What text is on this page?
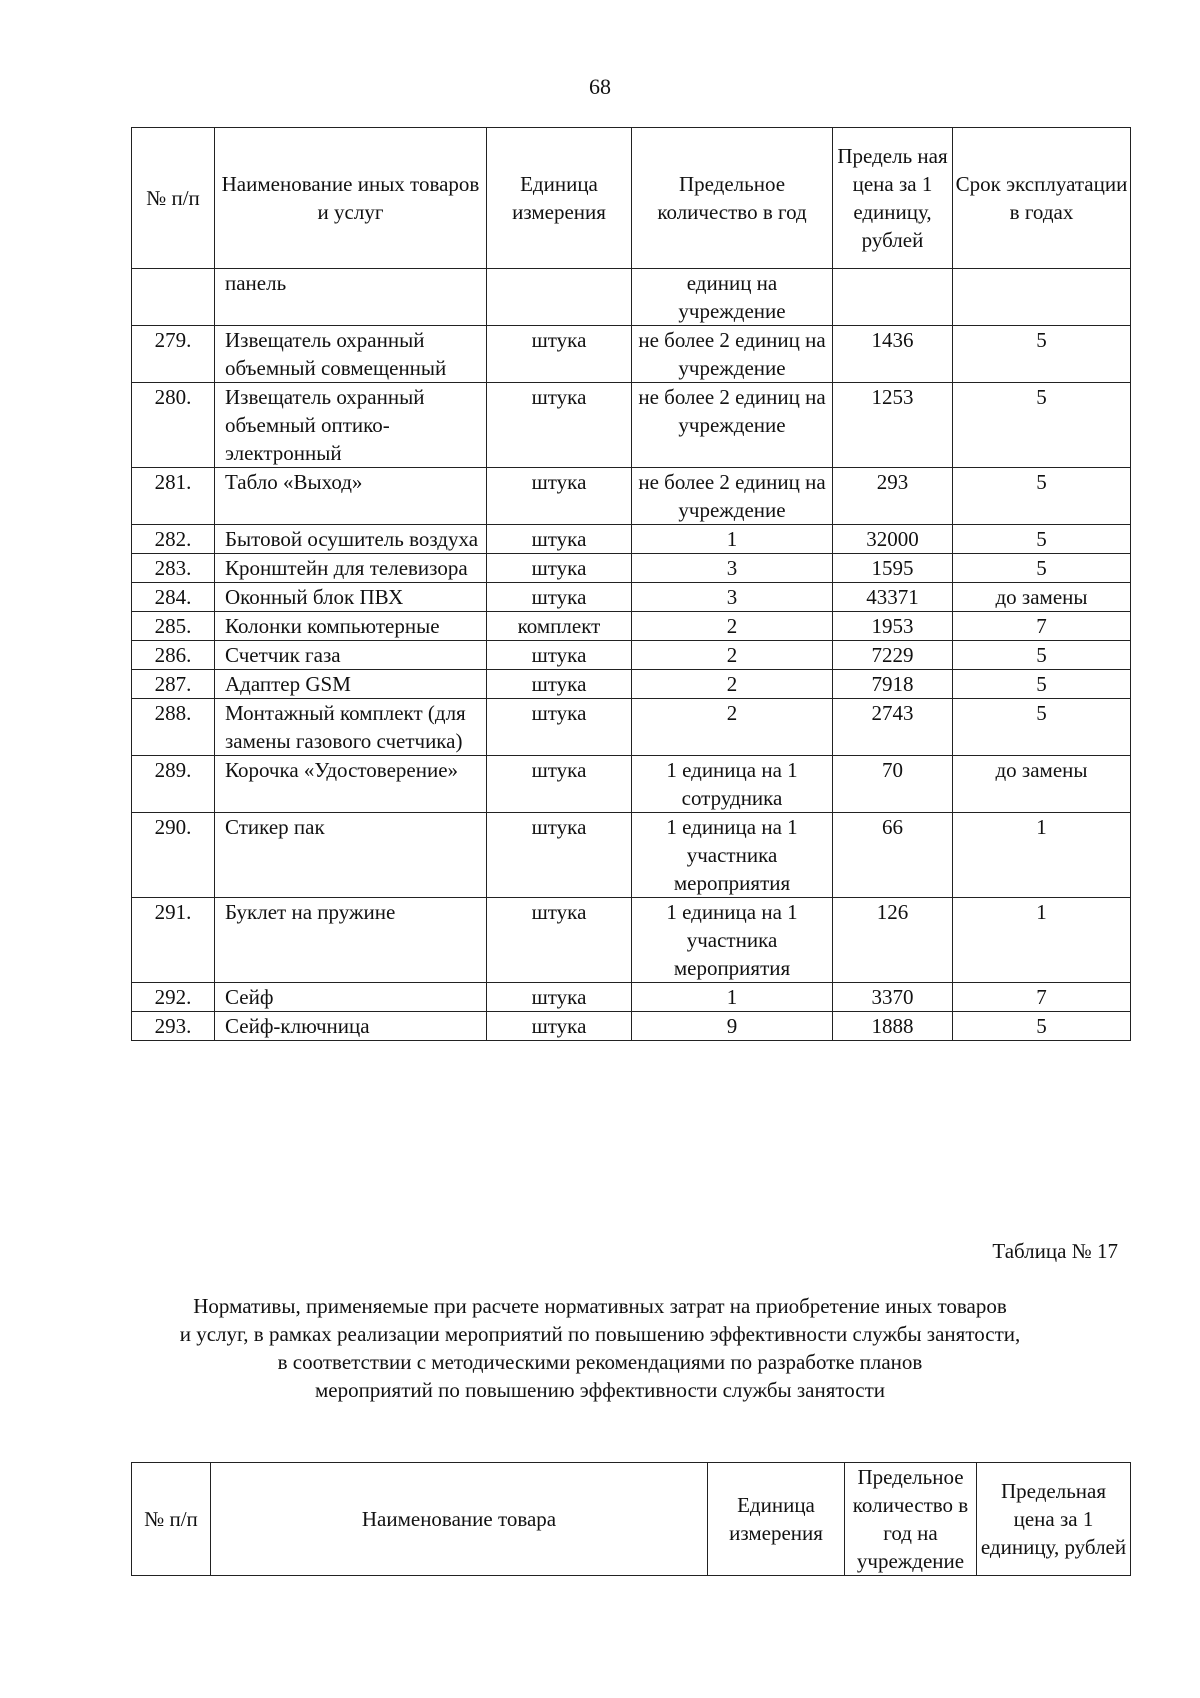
68
№ п/п	Наименование иных товаров и услуг	Единица измерения	Предельное количество в год	Предель ная цена за 1 единицу, рублей	Срок эксплуатации в годах
	панель		единиц на учреждение		
279.	Извещатель охранный объемный совмещенный	штука	не более 2 единиц на учреждение	1436	5
280.	Извещатель охранный объемный оптико-электронный	штука	не более 2 единиц на учреждение	1253	5
281.	Табло «Выход»	штука	не более 2 единиц на учреждение	293	5
282.	Бытовой осушитель воздуха	штука	1	32000	5
283.	Кронштейн для телевизора	штука	3	1595	5
284.	Оконный блок ПВХ	штука	3	43371	до замены
285.	Колонки компьютерные	комплект	2	1953	7
286.	Счетчик газа	штука	2	7229	5
287.	Адаптер GSM	штука	2	7918	5
288.	Монтажный комплект (для замены газового счетчика)	штука	2	2743	5
289.	Корочка «Удостоверение»	штука	1 единица на 1 сотрудника	70	до замены
290.	Стикер пак	штука	1 единица на 1 участника мероприятия	66	1
291.	Буклет на пружине	штука	1 единица на 1 участника мероприятия	126	1
292.	Сейф	штука	1	3370	7
293.	Сейф-ключница	штука	9	1888	5
Таблица № 17
Нормативы, применяемые при расчете нормативных затрат на приобретение иных товаров
и услуг, в рамках реализации мероприятий по повышению эффективности службы занятости,
в соответствии с методическими рекомендациями по разработке планов
мероприятий по повышению эффективности службы занятости
№ п/п	Наименование товара	Единица измерения	Предельное количество в год на учреждение	Предельная цена за 1 единицу, рублей
